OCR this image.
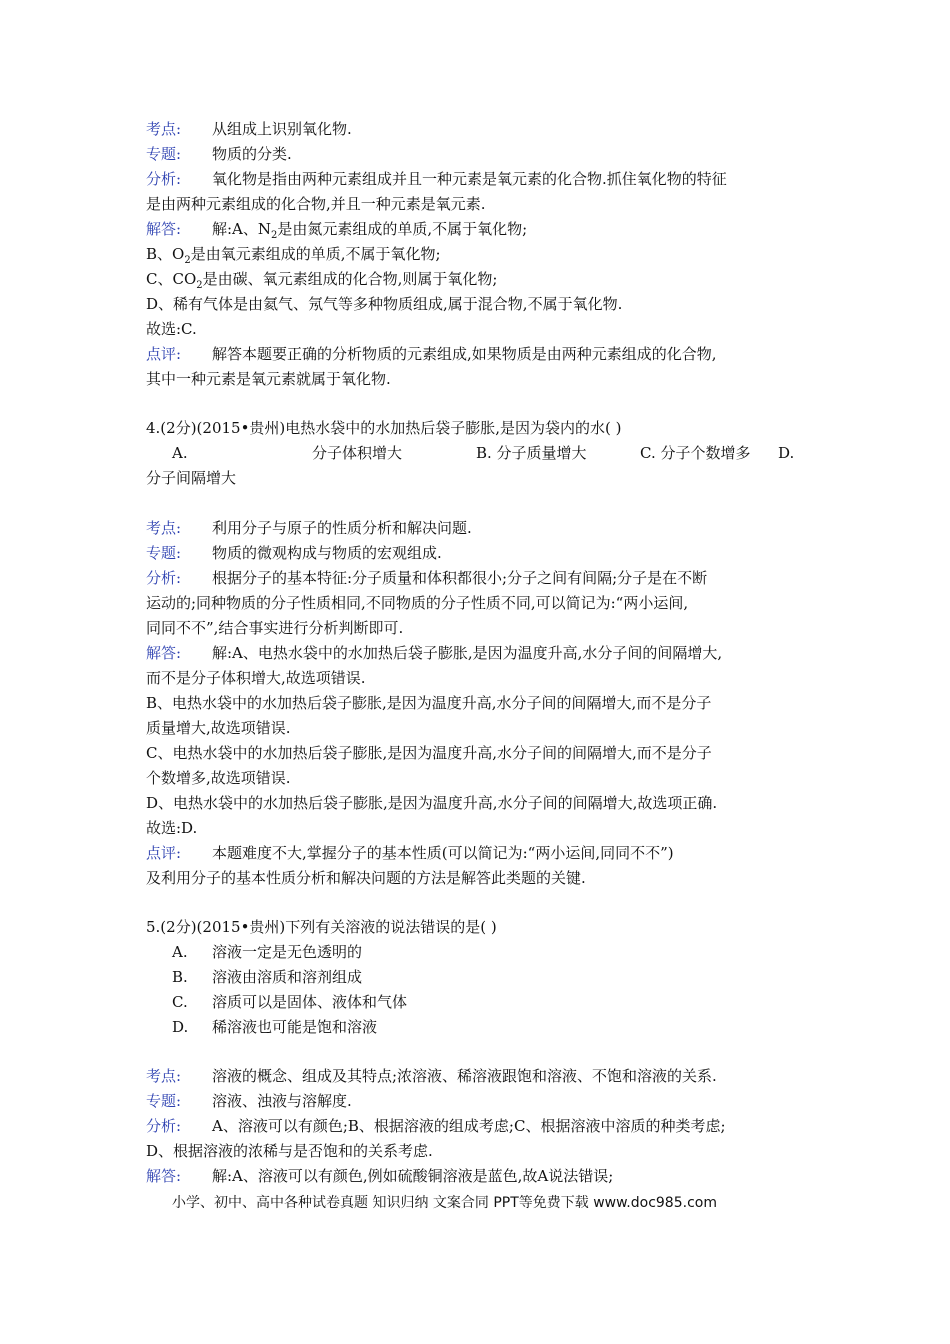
考点: 从组成上识别氧化物.
专题: 物质的分类.
分析: 氧化物是指由两种元素组成并且一种元素是氧元素的化合物.抓住氧化物的特征
是由两种元素组成的化合物,并且一种元素是氧元素.
解答: 解:A、$N_2$是由氮元素组成的单质,不属于氧化物;
B、$O_2$是由氧元素组成的单质,不属于氧化物;
C、$CO_2$是由碳、氧元素组成的化合物,则属于氧化物;
D、稀有气体是由氦气、氖气等多种物质组成,属于混合物,不属于氧化物.
故选:C.
点评: 解答本题要正确的分析物质的元素组成,如果物质是由两种元素组成的化合物,
其中一种元素是氧元素就属于氧化物.
4.(2分)(2015•贵州)电热水袋中的水加热后袋子膨胀,是因为袋内的水( )
A.	分子体积增大	B. 分子质量增大	C. 分子个数增多 D.
分子间隔增大
考点: 利用分子与原子的性质分析和解决问题.
专题: 物质的微观构成与物质的宏观组成.
分析: 根据分子的基本特征:分子质量和体积都很小;分子之间有间隔;分子是在不断
运动的;同种物质的分子性质相同,不同物质的分子性质不同,可以简记为:“两小运间,
同同不不”,结合事实进行分析判断即可.
解答: 解:A、电热水袋中的水加热后袋子膨胀,是因为温度升高,水分子间的间隔增大,
而不是分子体积增大,故选项错误.
B、电热水袋中的水加热后袋子膨胀,是因为温度升高,水分子间的间隔增大,而不是分子
质量增大,故选项错误.
C、电热水袋中的水加热后袋子膨胀,是因为温度升高,水分子间的间隔增大,而不是分子
个数增多,故选项错误.
D、电热水袋中的水加热后袋子膨胀,是因为温度升高,水分子间的间隔增大,故选项正确.
故选:D.
点评: 本题难度不大,掌握分子的基本性质(可以简记为:“两小运间,同同不不”)
及利用分子的基本性质分析和解决问题的方法是解答此类题的关键.
5.(2分)(2015•贵州)下列有关溶液的说法错误的是( )
A. 溶液一定是无色透明的
B. 溶液由溶质和溶剂组成
C. 溶质可以是固体、液体和气体
D. 稀溶液也可能是饱和溶液
考点: 溶液的概念、组成及其特点;浓溶液、稀溶液跟饱和溶液、不饱和溶液的关系.
专题: 溶液、浊液与溶解度.
分析: A、溶液可以有颜色;B、根据溶液的组成考虑;C、根据溶液中溶质的种类考虑;
D、根据溶液的浓稀与是否饱和的关系考虑.
解答: 解:A、溶液可以有颜色,例如硫酸铜溶液是蓝色,故A说法错误;
小学、初中、高中各种试卷真题 知识归纳 文案合同 PPT等免费下载 www.doc985.com
